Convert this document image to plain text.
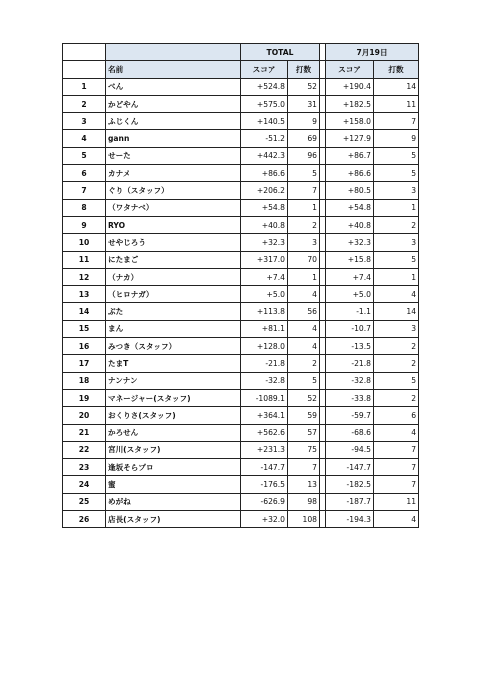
		TOTAL			7月19日	
	名前	スコア	打数		スコア	打数
1	べん	+524.8	52		+190.4	14
2	かどやん	+575.0	31		+182.5	11
3	ふじくん	+140.5	9		+158.0	7
4	gann	-51.2	69		+127.9	9
5	せーた	+442.3	96		+86.7	5
6	カナメ	+86.6	5		+86.6	5
7	ぐり（スタッフ）	+206.2	7		+80.5	3
8	（ワタナベ）	+54.8	1		+54.8	1
9	RYO	+40.8	2		+40.8	2
10	せやじろう	+32.3	3		+32.3	3
11	にたまご	+317.0	70		+15.8	5
12	（ナカ）	+7.4	1		+7.4	1
13	（ヒロナガ）	+5.0	4		+5.0	4
14	ぶた	+113.8	56		-1.1	14
15	まん	+81.1	4		-10.7	3
16	みつき（スタッフ）	+128.0	4		-13.5	2
17	たまT	-21.8	2		-21.8	2
18	ナンナン	-32.8	5		-32.8	5
19	マネージャー(スタッフ)	-1089.1	52		-33.8	2
20	おくりさ(スタッフ)	+364.1	59		-59.7	6
21	かろせん	+562.6	57		-68.6	4
22	宮川(スタッフ)	+231.3	75		-94.5	7
23	逢坂そらプロ	-147.7	7		-147.7	7
24	蜜	-176.5	13		-182.5	7
25	めがね	-626.9	98		-187.7	11
26	店長(スタッフ)	+32.0	108		-194.3	4
